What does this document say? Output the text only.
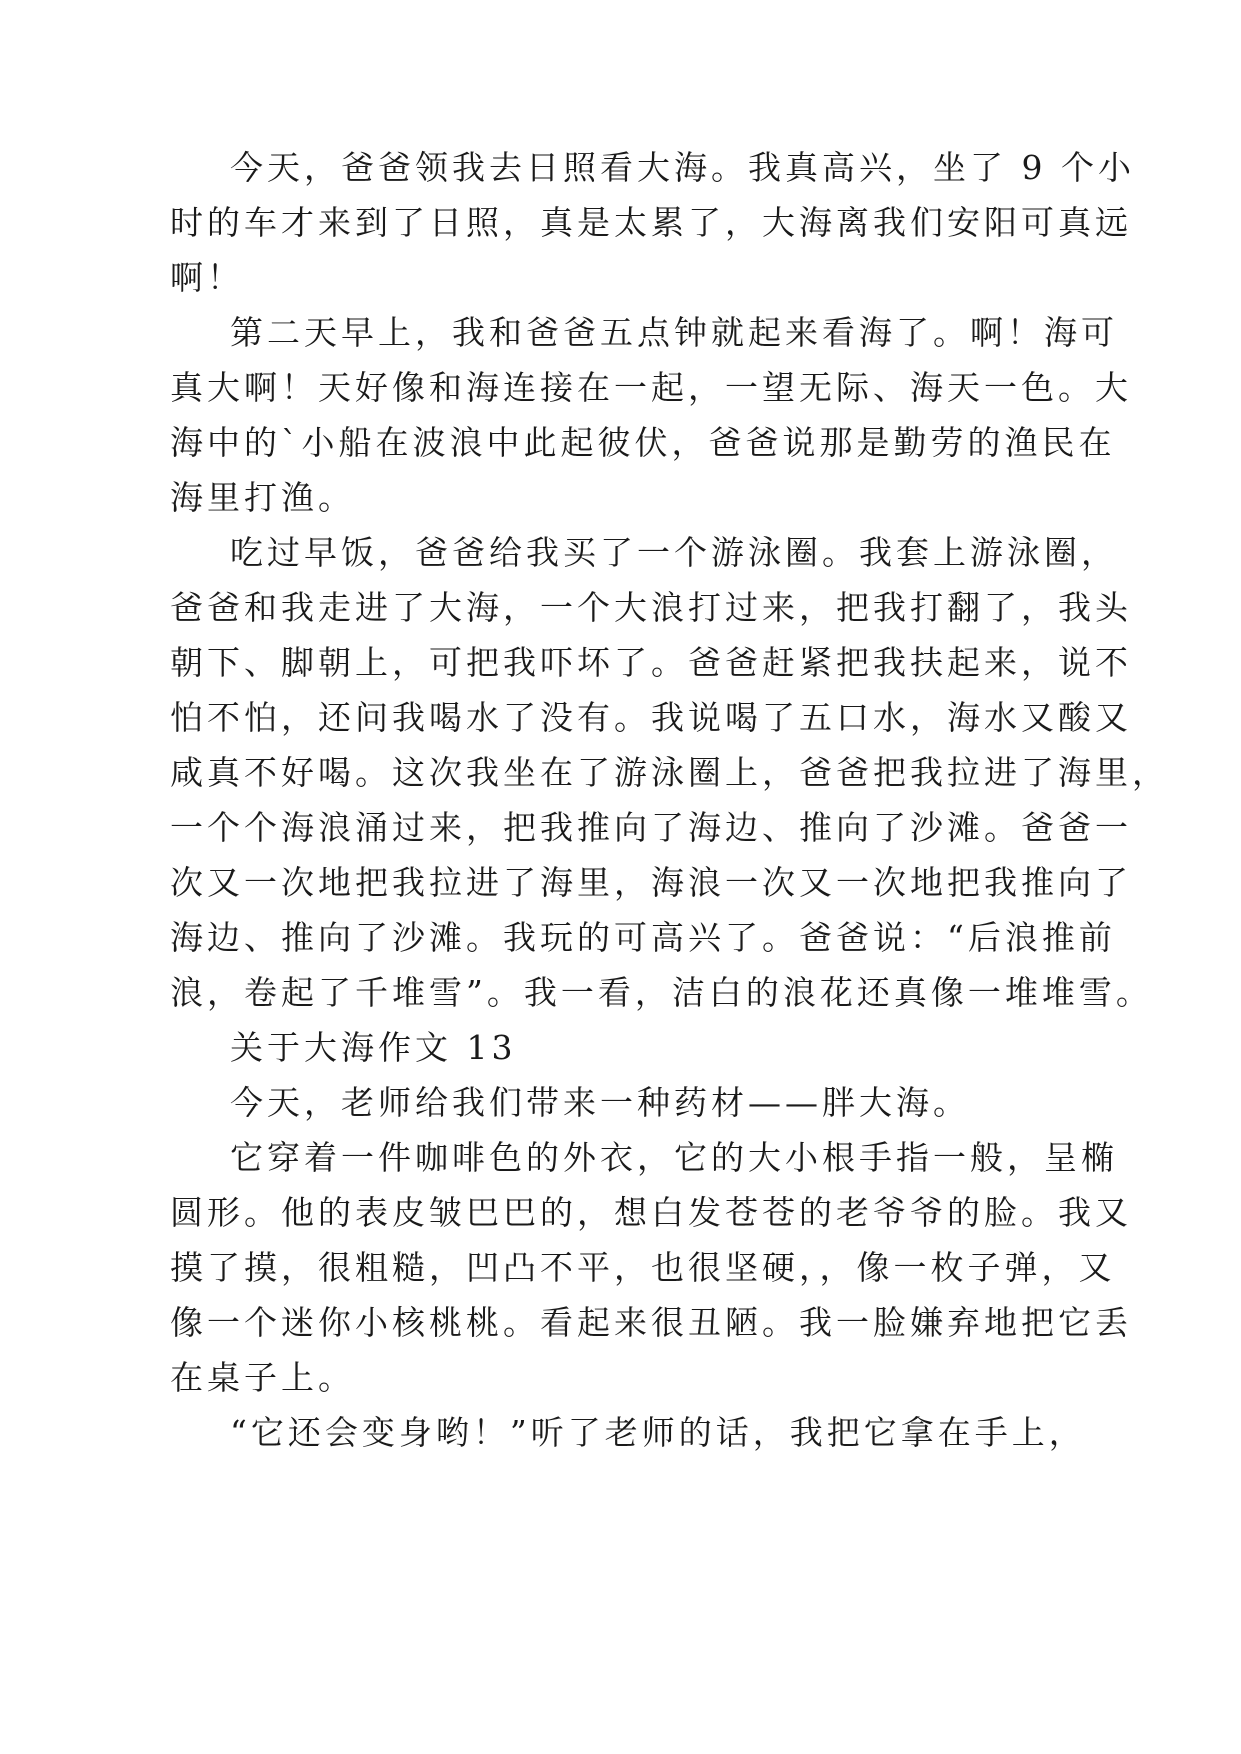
今天，爸爸领我去日照看大海。我真高兴，坐了 9 个小
时的车才来到了日照，真是太累了，大海离我们安阳可真远
啊！
第二天早上，我和爸爸五点钟就起来看海了。啊！海可
真大啊！天好像和海连接在一起，一望无际、海天一色。大
海中的`小船在波浪中此起彼伏，爸爸说那是勤劳的渔民在
海里打渔。
吃过早饭，爸爸给我买了一个游泳圈。我套上游泳圈，
爸爸和我走进了大海，一个大浪打过来，把我打翻了，我头
朝下、脚朝上，可把我吓坏了。爸爸赶紧把我扶起来，说不
怕不怕，还问我喝水了没有。我说喝了五口水，海水又酸又
咸真不好喝。这次我坐在了游泳圈上，爸爸把我拉进了海里，
一个个海浪涌过来，把我推向了海边、推向了沙滩。爸爸一
次又一次地把我拉进了海里，海浪一次又一次地把我推向了
海边、推向了沙滩。我玩的可高兴了。爸爸说：“后浪推前
浪，卷起了千堆雪”。我一看，洁白的浪花还真像一堆堆雪。
关于大海作文 13
今天，老师给我们带来一种药材——胖大海。
它穿着一件咖啡色的外衣，它的大小根手指一般，呈椭
圆形。他的表皮皱巴巴的，想白发苍苍的老爷爷的脸。我又
摸了摸，很粗糙，凹凸不平，也很坚硬，，像一枚子弹，又
像一个迷你小核桃桃。看起来很丑陋。我一脸嫌弃地把它丢
在桌子上。
“它还会变身哟！”听了老师的话，我把它拿在手上，
